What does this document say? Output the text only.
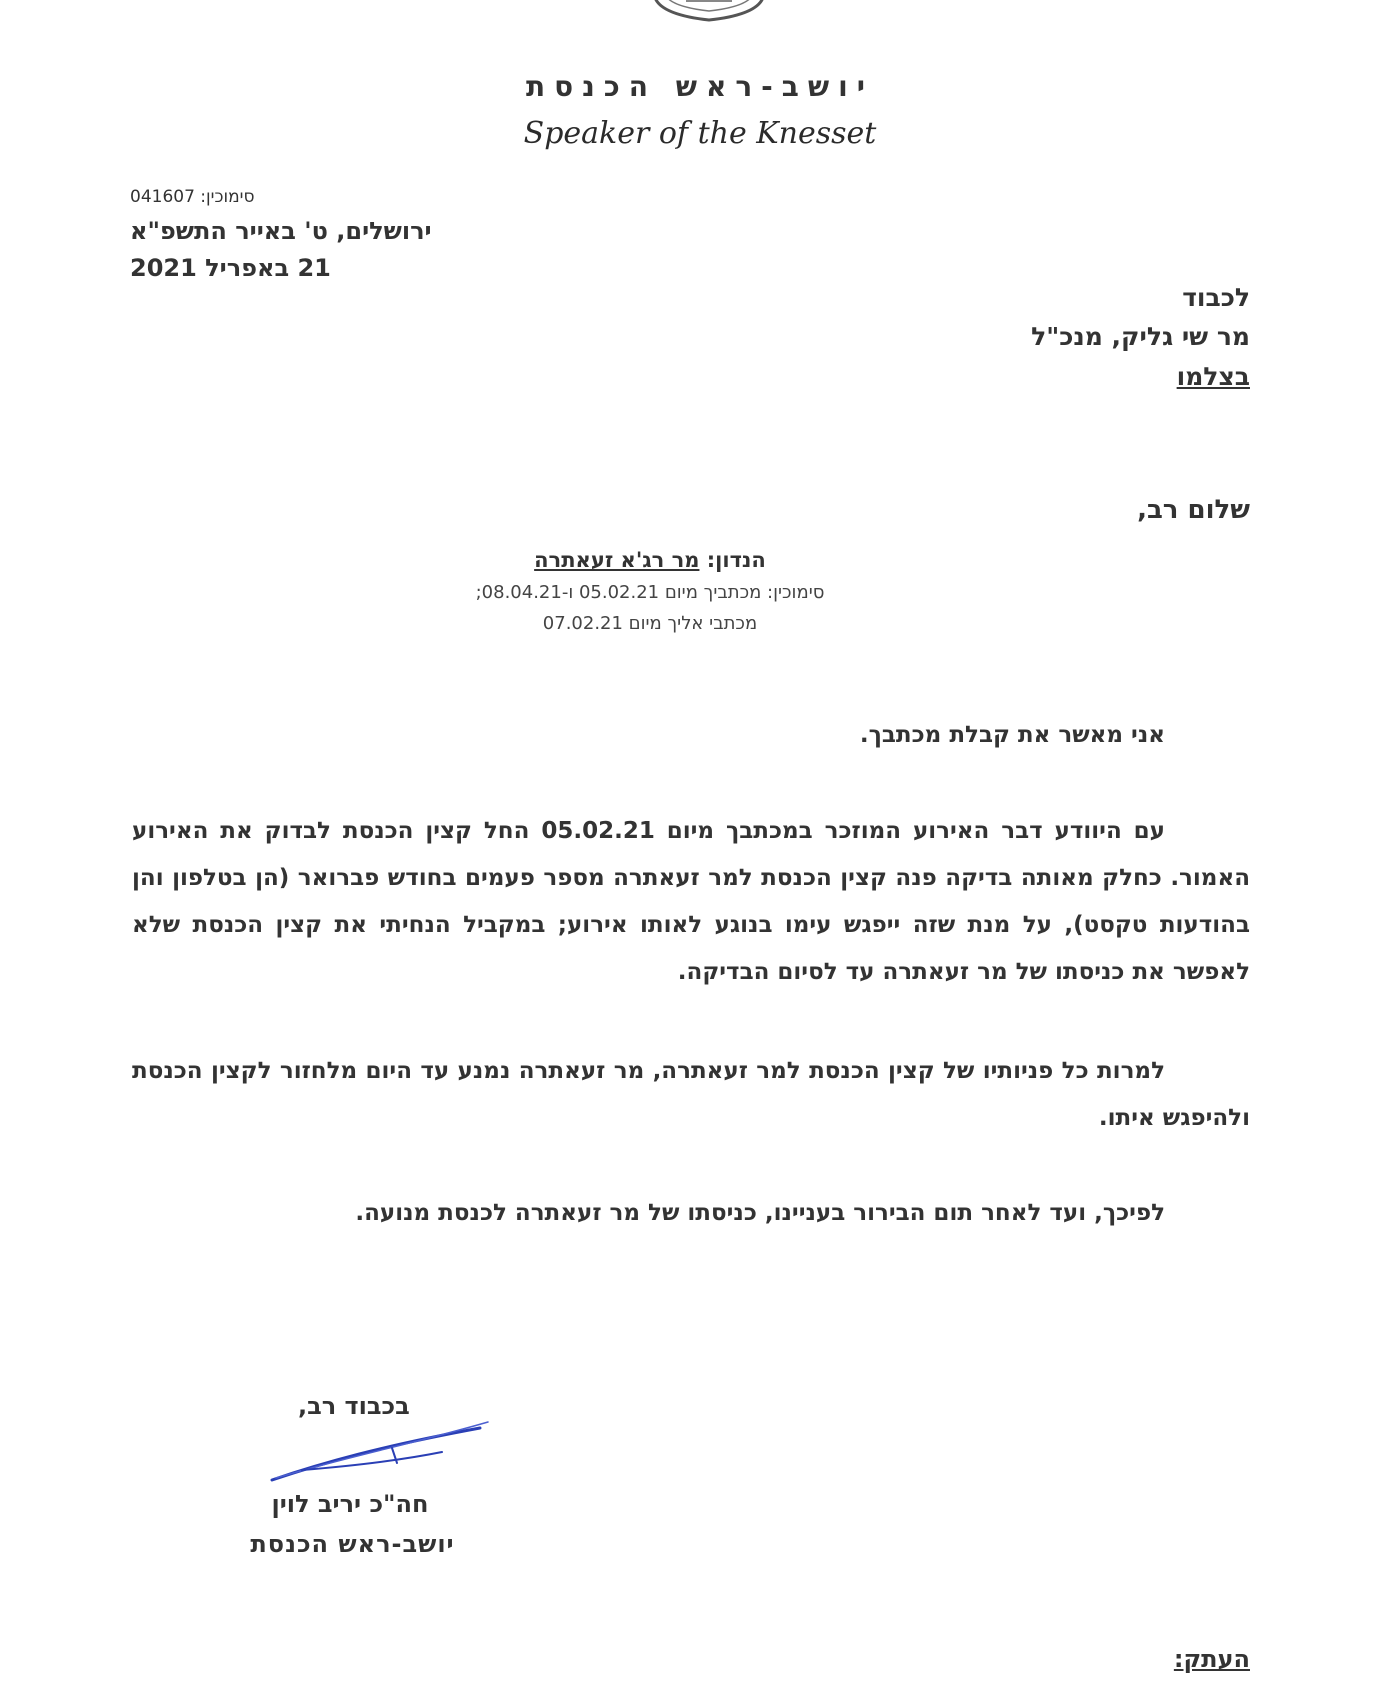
יושב-ראש הכנסת
Speaker of the Knesset
סימוכין: 041607
ירושלים, ט' באייר התשפ"א
21 באפריל 2021
לכבוד
מר שי גליק, מנכ"ל
בצלמו
שלום רב,
הנדון: מר רג'א זעאתרה
סימוכין: מכתביך מיום 05.02.21 ו-08.04.21;
מכתבי אליך מיום 07.02.21
אני מאשר את קבלת מכתבך.
עם היוודע דבר האירוע המוזכר במכתבך מיום 05.02.21 החל קצין הכנסת לבדוק את האירוע האמור. כחלק מאותה בדיקה פנה קצין הכנסת למר זעאתרה מספר פעמים בחודש פברואר (הן בטלפון והן בהודעות טקסט), על מנת שזה ייפגש עימו בנוגע לאותו אירוע; במקביל הנחיתי את קצין הכנסת שלא לאפשר את כניסתו של מר זעאתרה עד לסיום הבדיקה.
למרות כל פניותיו של קצין הכנסת למר זעאתרה, מר זעאתרה נמנע עד היום מלחזור לקצין הכנסת ולהיפגש איתו.
לפיכך, ועד לאחר תום הבירור בעניינו, כניסתו של מר זעאתרה לכנסת מנועה.
בכבוד רב,
חה"כ יריב לוין
יושב-ראש הכנסת
העתק:
